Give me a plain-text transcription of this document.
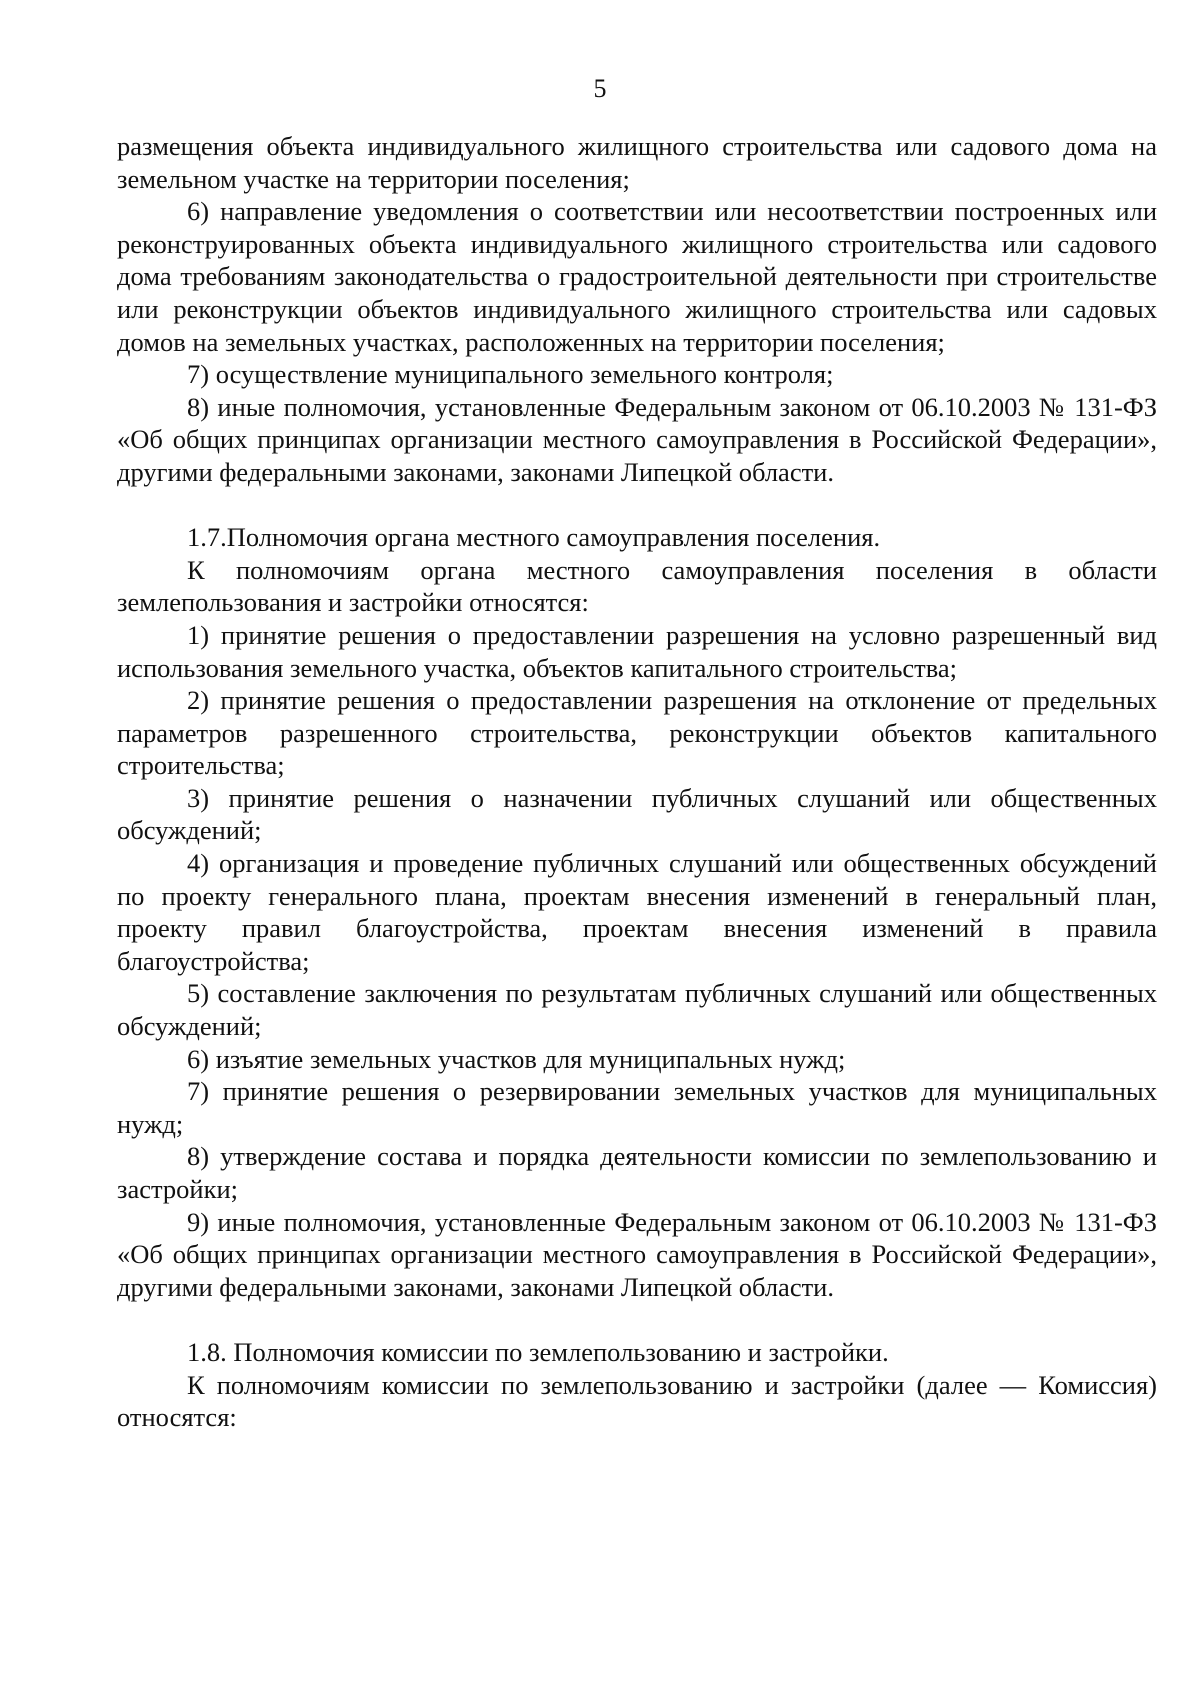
5

размещения объекта индивидуального жилищного строительства или садового дома на земельном участке на территории поселения;

6) направление уведомления о соответствии или несоответствии построенных или реконструированных объекта индивидуального жилищного строительства или садового дома требованиям законодательства о градостроительной деятельности при строительстве или реконструкции объектов индивидуального жилищного строительства или садовых домов на земельных участках, расположенных на территории поселения;

7) осуществление муниципального земельного контроля;

8) иные полномочия, установленные Федеральным законом от 06.10.2003 № 131-ФЗ «Об общих принципах организации местного самоуправления в Российской Федерации», другими федеральными законами, законами Липецкой области.

1.7.Полномочия органа местного самоуправления поселения.

К полномочиям органа местного самоуправления поселения в области землепользования и застройки относятся:

1) принятие решения о предоставлении разрешения на условно разрешенный вид использования земельного участка, объектов капитального строительства;

2) принятие решения о предоставлении разрешения на отклонение от предельных параметров разрешенного строительства, реконструкции объектов капитального строительства;

3) принятие решения о назначении публичных слушаний или общественных обсуждений;

4) организация и проведение публичных слушаний или общественных обсуждений по проекту генерального плана, проектам внесения изменений в генеральный план, проекту правил благоустройства, проектам внесения изменений в правила благоустройства;

5) составление заключения по результатам публичных слушаний или общественных обсуждений;

6) изъятие земельных участков для муниципальных нужд;

7) принятие решения о резервировании земельных участков для муниципальных нужд;

8) утверждение состава и порядка деятельности комиссии по землепользованию и застройки;

9) иные полномочия, установленные Федеральным законом от 06.10.2003 № 131-ФЗ «Об общих принципах организации местного самоуправления в Российской Федерации», другими федеральными законами, законами Липецкой области.

1.8. Полномочия комиссии по землепользованию и застройки.

К полномочиям комиссии по землепользованию и застройки (далее — Комиссия) относятся:
